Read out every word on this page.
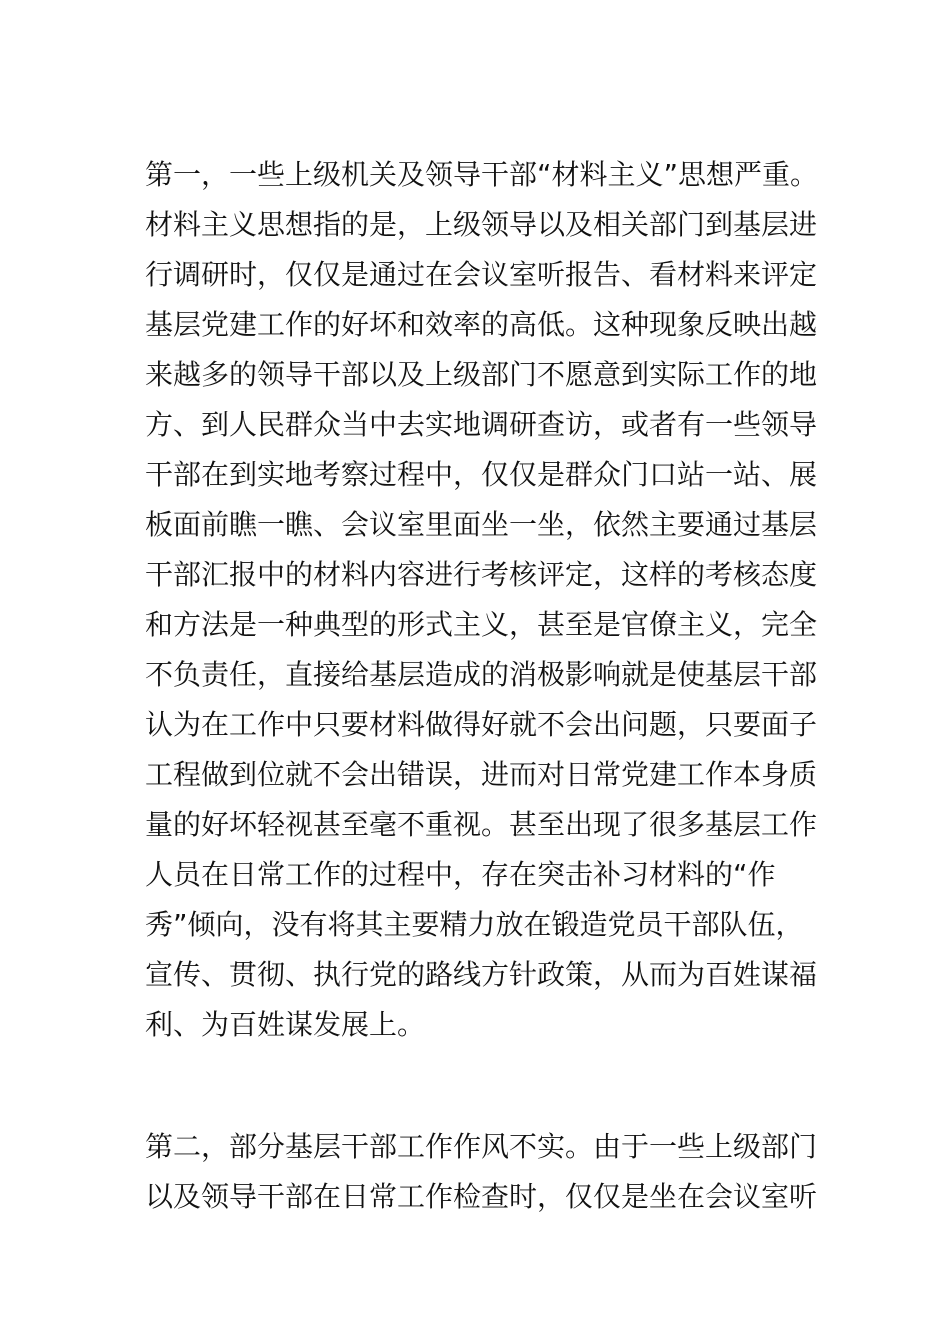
第一，一些上级机关及领导干部“材料主义”思想严重。
材料主义思想指的是，上级领导以及相关部门到基层进
行调研时，仅仅是通过在会议室听报告、看材料来评定
基层党建工作的好坏和效率的高低。这种现象反映出越
来越多的领导干部以及上级部门不愿意到实际工作的地
方、到人民群众当中去实地调研查访，或者有一些领导
干部在到实地考察过程中，仅仅是群众门口站一站、展
板面前瞧一瞧、会议室里面坐一坐，依然主要通过基层
干部汇报中的材料内容进行考核评定，这样的考核态度
和方法是一种典型的形式主义，甚至是官僚主义，完全
不负责任，直接给基层造成的消极影响就是使基层干部
认为在工作中只要材料做得好就不会出问题，只要面子
工程做到位就不会出错误，进而对日常党建工作本身质
量的好坏轻视甚至毫不重视。甚至出现了很多基层工作
人员在日常工作的过程中，存在突击补习材料的“作
秀”倾向，没有将其主要精力放在锻造党员干部队伍，
宣传、贯彻、执行党的路线方针政策，从而为百姓谋福
利、为百姓谋发展上。
第二，部分基层干部工作作风不实。由于一些上级部门
以及领导干部在日常工作检查时，仅仅是坐在会议室听
